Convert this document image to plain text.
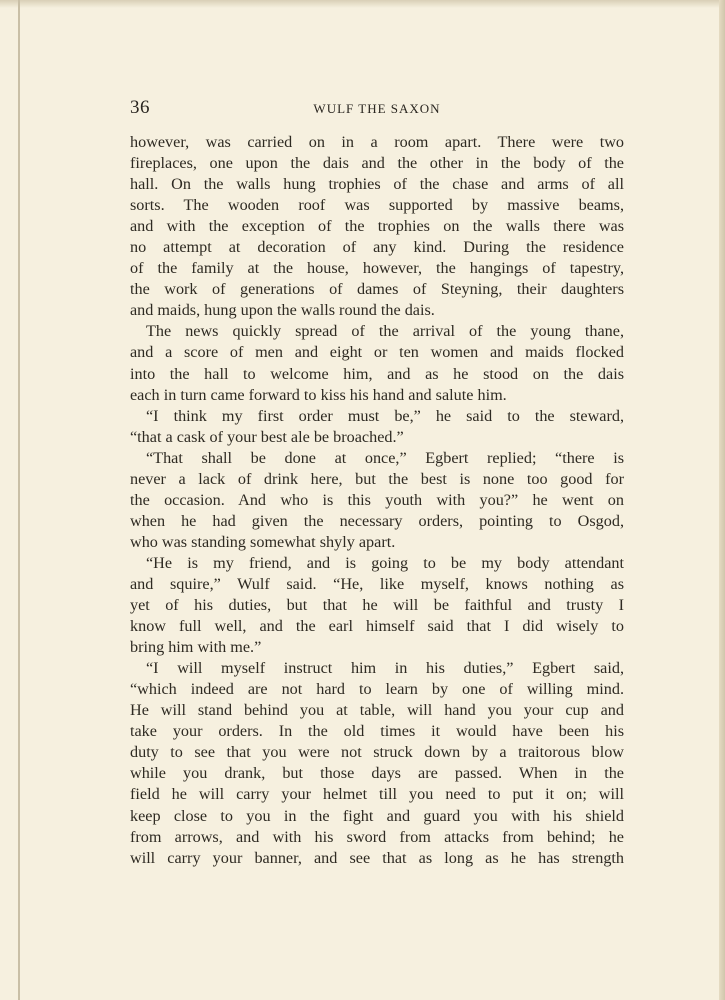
36	WULF THE SAXON
however, was carried on in a room apart. There were two
fireplaces, one upon the dais and the other in the body of the
hall. On the walls hung trophies of the chase and arms of all
sorts. The wooden roof was supported by massive beams,
and with the exception of the trophies on the walls there was
no attempt at decoration of any kind. During the residence
of the family at the house, however, the hangings of tapestry,
the work of generations of dames of Steyning, their daughters
and maids, hung upon the walls round the dais.
The news quickly spread of the arrival of the young thane,
and a score of men and eight or ten women and maids flocked
into the hall to welcome him, and as he stood on the dais
each in turn came forward to kiss his hand and salute him.
“I think my first order must be,” he said to the steward,
“that a cask of your best ale be broached.”
“That shall be done at once,” Egbert replied; “there is
never a lack of drink here, but the best is none too good for
the occasion. And who is this youth with you?” he went on
when he had given the necessary orders, pointing to Osgod,
who was standing somewhat shyly apart.
“He is my friend, and is going to be my body attendant
and squire,” Wulf said. “He, like myself, knows nothing as
yet of his duties, but that he will be faithful and trusty I
know full well, and the earl himself said that I did wisely to
bring him with me.”
“I will myself instruct him in his duties,” Egbert said,
“which indeed are not hard to learn by one of willing mind.
He will stand behind you at table, will hand you your cup and
take your orders. In the old times it would have been his
duty to see that you were not struck down by a traitorous blow
while you drank, but those days are passed. When in the
field he will carry your helmet till you need to put it on; will
keep close to you in the fight and guard you with his shield
from arrows, and with his sword from attacks from behind; he
will carry your banner, and see that as long as he has strength
